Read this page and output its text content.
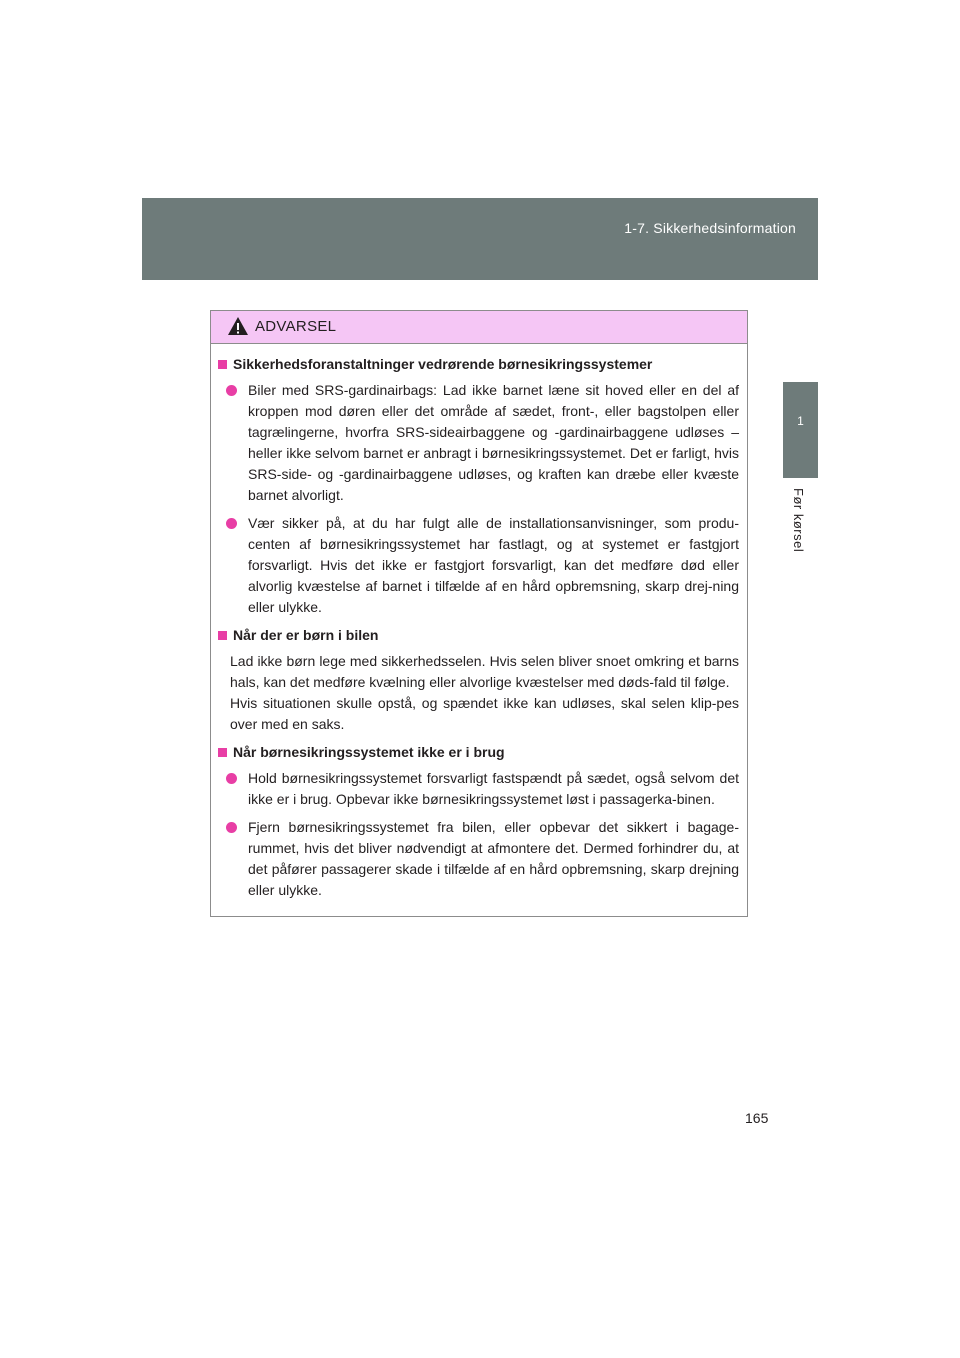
1-7. Sikkerhedsinformation
1
Før kørsel
ADVARSEL
Sikkerhedsforanstaltninger vedrørende børnesikringssystemer
Biler med SRS-gardinairbags: Lad ikke barnet læne sit hoved eller en del af kroppen mod døren eller det område af sædet, front-, eller bagstolpen eller tagrælingerne, hvorfra SRS-sideairbaggene og -gardinairbaggene udløses – heller ikke selvom barnet er anbragt i børnesikringssystemet. Det er farligt, hvis SRS-side- og -gardinairbaggene udløses, og kraften kan dræbe eller kvæste barnet alvorligt.
Vær sikker på, at du har fulgt alle de installationsanvisninger, som produ-centen af børnesikringssystemet har fastlagt, og at systemet er fastgjort forsvarligt. Hvis det ikke er fastgjort forsvarligt, kan det medføre død eller alvorlig kvæstelse af barnet i tilfælde af en hård opbremsning, skarp drej-ning eller ulykke.
Når der er børn i bilen
Lad ikke børn lege med sikkerhedsselen. Hvis selen bliver snoet omkring et barns hals, kan det medføre kvælning eller alvorlige kvæstelser med døds-fald til følge.
Hvis situationen skulle opstå, og spændet ikke kan udløses, skal selen klip-pes over med en saks.
Når børnesikringssystemet ikke er i brug
Hold børnesikringssystemet forsvarligt fastspændt på sædet, også selvom det ikke er i brug. Opbevar ikke børnesikringssystemet løst i passagerka-binen.
Fjern børnesikringssystemet fra bilen, eller opbevar det sikkert i bagage-rummet, hvis det bliver nødvendigt at afmontere det. Dermed forhindrer du, at det påfører passagerer skade i tilfælde af en hård opbremsning, skarp drejning eller ulykke.
165
